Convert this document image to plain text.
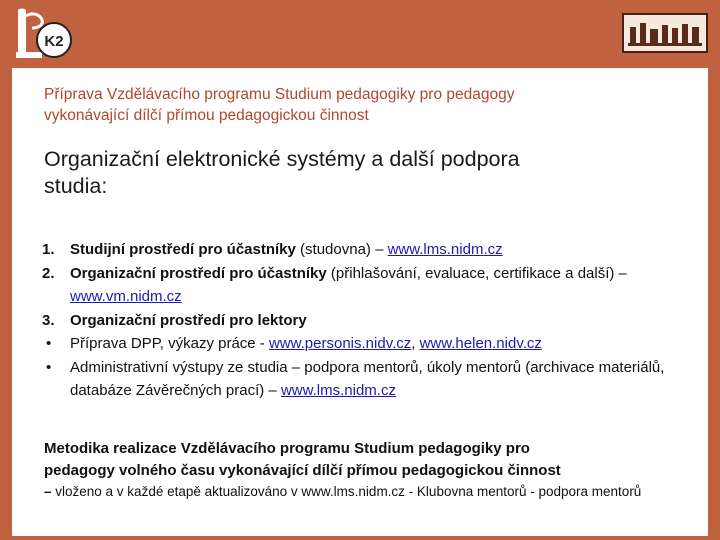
K2
Příprava Vzdělávacího programu Studium pedagogiky pro pedagogy
vykonávající dílčí přímou pedagogickou činnost
Organizační elektronické systémy a další podpora
studia:
1.	Studijní prostředí pro účastníky (studovna) – www.lms.nidm.cz
2.	Organizační prostředí pro účastníky (přihlašování, evaluace, certifikace a další) – www.vm.nidm.cz
3.	Organizační prostředí pro lektory
•	Příprava DPP, výkazy práce - www.personis.nidv.cz, www.helen.nidv.cz
•	Administrativní výstupy ze studia – podpora mentorů, úkoly mentorů (archivace materiálů, databáze Závěrečných prací) – www.lms.nidm.cz
Metodika realizace Vzdělávacího programu Studium pedagogiky pro
pedagogy volného času vykonávající dílčí přímou pedagogickou činnost
– vloženo a v každé etapě aktualizováno v www.lms.nidm.cz - Klubovna mentorů - podpora mentorů
